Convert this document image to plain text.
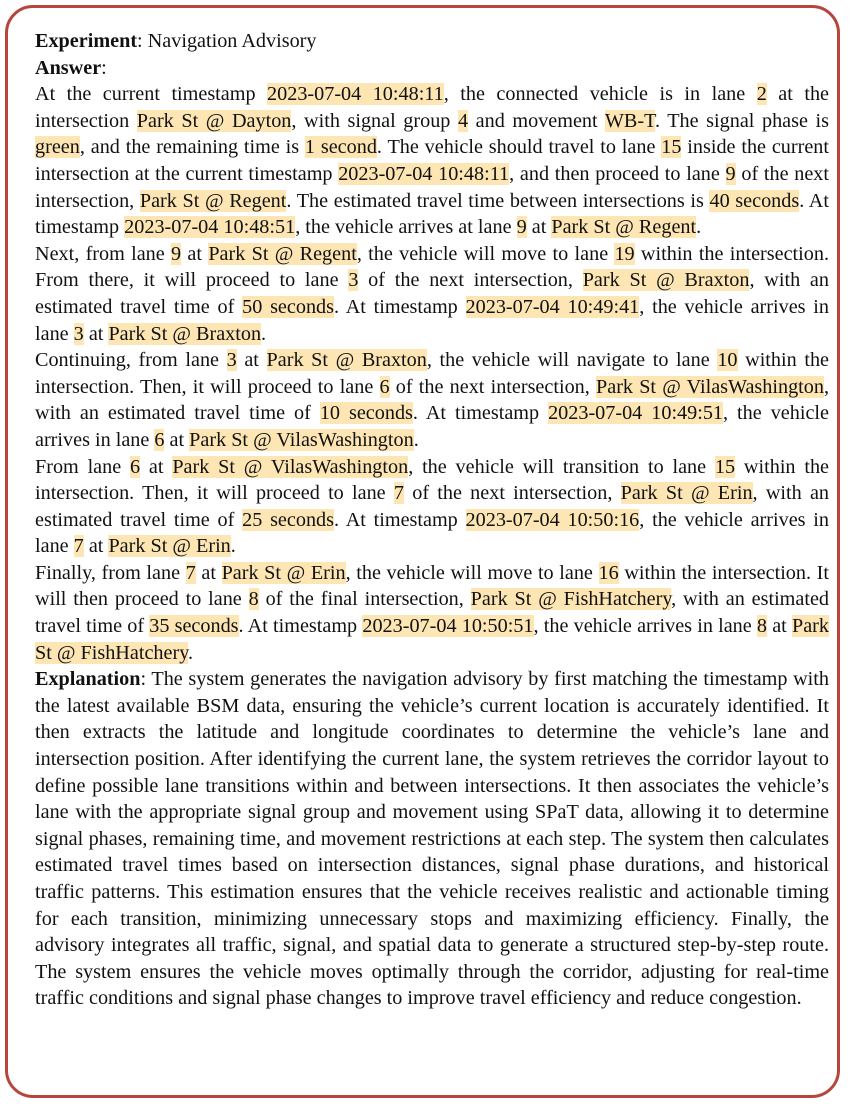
Experiment: Navigation Advisory

Answer:

At the current timestamp 2023-07-04 10:48:11, the connected vehicle is in lane 2 at the intersection Park St @ Dayton, with signal group 4 and movement WB-T. The signal phase is green, and the remaining time is 1 second. The vehicle should travel to lane 15 inside the current intersection at the current timestamp 2023-07-04 10:48:11, and then proceed to lane 9 of the next intersection, Park St @ Regent. The estimated travel time between intersections is 40 seconds. At timestamp 2023-07-04 10:48:51, the vehicle arrives at lane 9 at Park St @ Regent.

Next, from lane 9 at Park St @ Regent, the vehicle will move to lane 19 within the intersection. From there, it will proceed to lane 3 of the next intersection, Park St @ Braxton, with an estimated travel time of 50 seconds. At timestamp 2023-07-04 10:49:41, the vehicle arrives in lane 3 at Park St @ Braxton.

Continuing, from lane 3 at Park St @ Braxton, the vehicle will navigate to lane 10 within the intersection. Then, it will proceed to lane 6 of the next intersection, Park St @ VilasWashington, with an estimated travel time of 10 seconds. At timestamp 2023-07-04 10:49:51, the vehicle arrives in lane 6 at Park St @ VilasWashington.

From lane 6 at Park St @ VilasWashington, the vehicle will transition to lane 15 within the intersection. Then, it will proceed to lane 7 of the next intersection, Park St @ Erin, with an estimated travel time of 25 seconds. At timestamp 2023-07-04 10:50:16, the vehicle arrives in lane 7 at Park St @ Erin.

Finally, from lane 7 at Park St @ Erin, the vehicle will move to lane 16 within the intersection. It will then proceed to lane 8 of the final intersection, Park St @ FishHatchery, with an estimated travel time of 35 seconds. At timestamp 2023-07-04 10:50:51, the vehicle arrives in lane 8 at Park St @ FishHatchery.

Explanation: The system generates the navigation advisory by first matching the timestamp with the latest available BSM data, ensuring the vehicle’s current location is accurately identified. It then extracts the latitude and longitude coordinates to determine the vehicle’s lane and intersection position. After identifying the current lane, the system retrieves the corridor layout to define possible lane transitions within and between intersections. It then associates the vehicle’s lane with the appropriate signal group and movement using SPaT data, allowing it to determine signal phases, remaining time, and movement restrictions at each step. The system then calculates estimated travel times based on intersection distances, signal phase durations, and historical traffic patterns. This estimation ensures that the vehicle receives realistic and actionable timing for each transition, minimizing unnecessary stops and maximizing efficiency. Finally, the advisory integrates all traffic, signal, and spatial data to generate a structured step-by-step route. The system ensures the vehicle moves optimally through the corridor, adjusting for real-time traffic conditions and signal phase changes to improve travel efficiency and reduce congestion.
